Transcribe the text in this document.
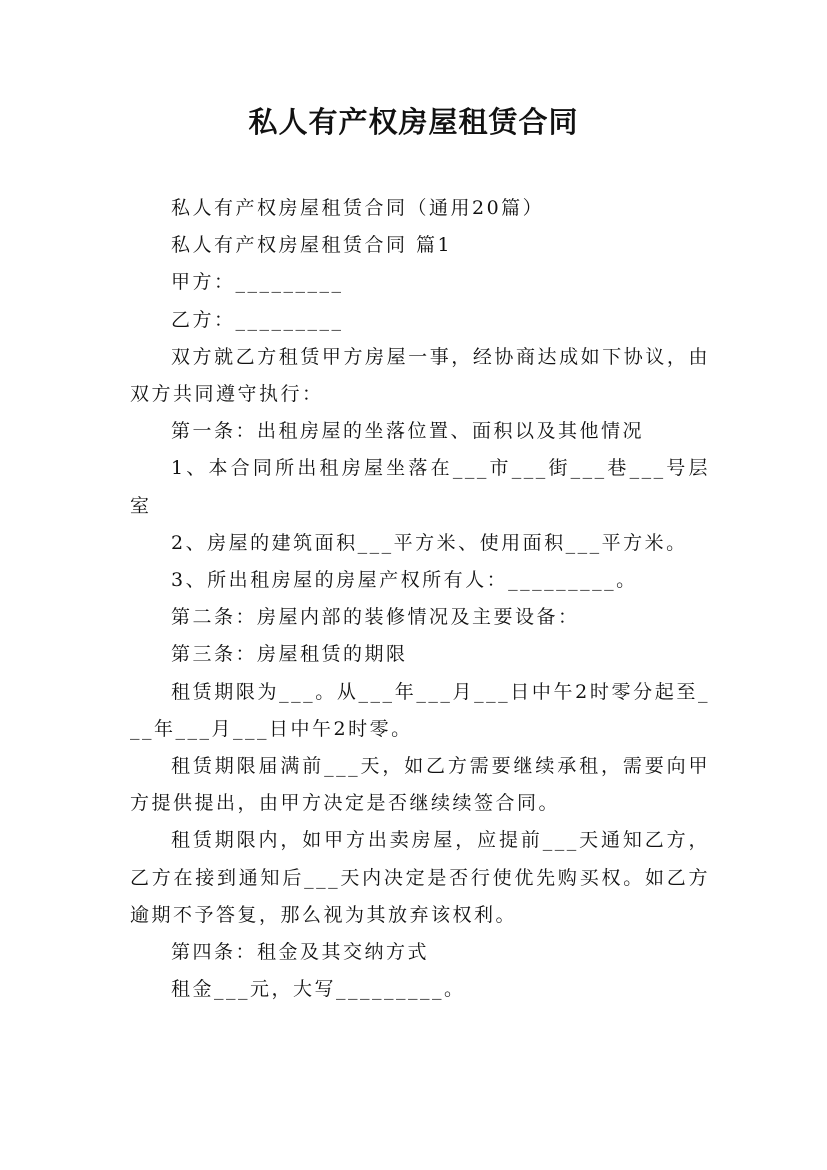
私人有产权房屋租赁合同

私人有产权房屋租赁合同（通用20篇）

私人有产权房屋租赁合同 篇1

甲方：_________

乙方：_________

双方就乙方租赁甲方房屋一事，经协商达成如下协议，由双方共同遵守执行：

第一条：出租房屋的坐落位置、面积以及其他情况

1、本合同所出租房屋坐落在___市___街___巷___号层室

2、房屋的建筑面积___平方米、使用面积___平方米。

3、所出租房屋的房屋产权所有人：_________。

第二条：房屋内部的装修情况及主要设备：

第三条：房屋租赁的期限

租赁期限为___。从___年___月___日中午2时零分起至___年___月___日中午2时零。

租赁期限届满前___天，如乙方需要继续承租，需要向甲方提供提出，由甲方决定是否继续续签合同。

租赁期限内，如甲方出卖房屋，应提前___天通知乙方，乙方在接到通知后___天内决定是否行使优先购买权。如乙方逾期不予答复，那么视为其放弃该权利。

第四条：租金及其交纳方式

租金___元，大写_________。
